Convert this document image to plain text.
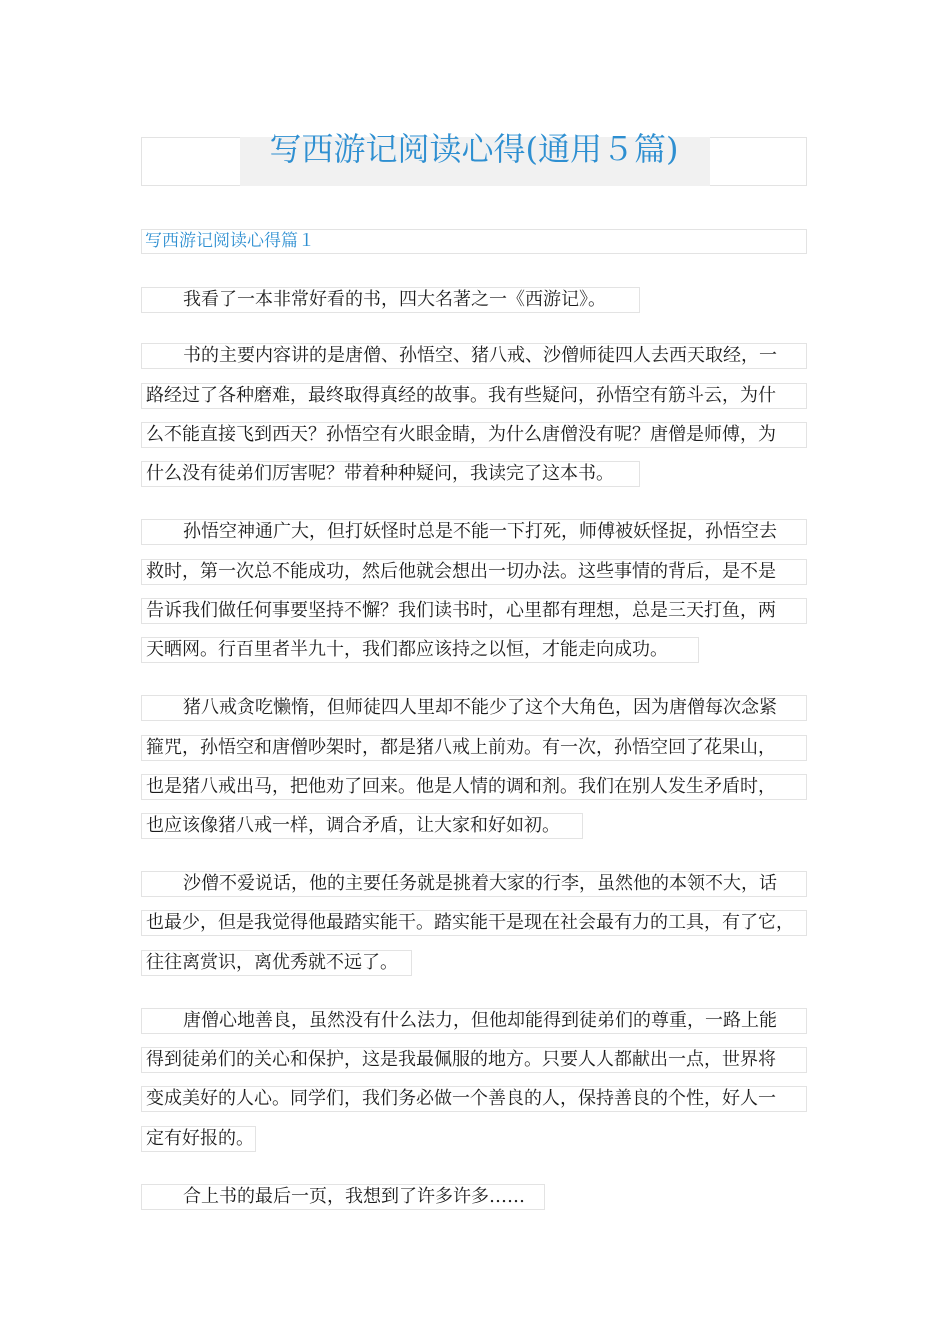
写西游记阅读心得(通用５篇)
写西游记阅读心得篇１
我看了一本非常好看的书，四大名著之一《西游记》。
书的主要内容讲的是唐僧、孙悟空、猪八戒、沙僧师徒四人去西天取经，一
路经过了各种磨难，最终取得真经的故事。我有些疑问，孙悟空有筋斗云，为什
么不能直接飞到西天？孙悟空有火眼金睛，为什么唐僧没有呢？唐僧是师傅，为
什么没有徒弟们厉害呢？带着种种疑问，我读完了这本书。
孙悟空神通广大，但打妖怪时总是不能一下打死，师傅被妖怪捉，孙悟空去
救时，第一次总不能成功，然后他就会想出一切办法。这些事情的背后，是不是
告诉我们做任何事要坚持不懈？我们读书时，心里都有理想，总是三天打鱼，两
天晒网。行百里者半九十，我们都应该持之以恒，才能走向成功。
猪八戒贪吃懒惰，但师徒四人里却不能少了这个大角色，因为唐僧每次念紧
箍咒，孙悟空和唐僧吵架时，都是猪八戒上前劝。有一次，孙悟空回了花果山，
也是猪八戒出马，把他劝了回来。他是人情的调和剂。我们在别人发生矛盾时，
也应该像猪八戒一样，调合矛盾，让大家和好如初。
沙僧不爱说话，他的主要任务就是挑着大家的行李，虽然他的本领不大，话
也最少，但是我觉得他最踏实能干。踏实能干是现在社会最有力的工具，有了它，
往往离赏识，离优秀就不远了。
唐僧心地善良，虽然没有什么法力，但他却能得到徒弟们的尊重，一路上能
得到徒弟们的关心和保护，这是我最佩服的地方。只要人人都献出一点，世界将
变成美好的人心。同学们，我们务必做一个善良的人，保持善良的个性，好人一
定有好报的。
合上书的最后一页，我想到了许多许多……
